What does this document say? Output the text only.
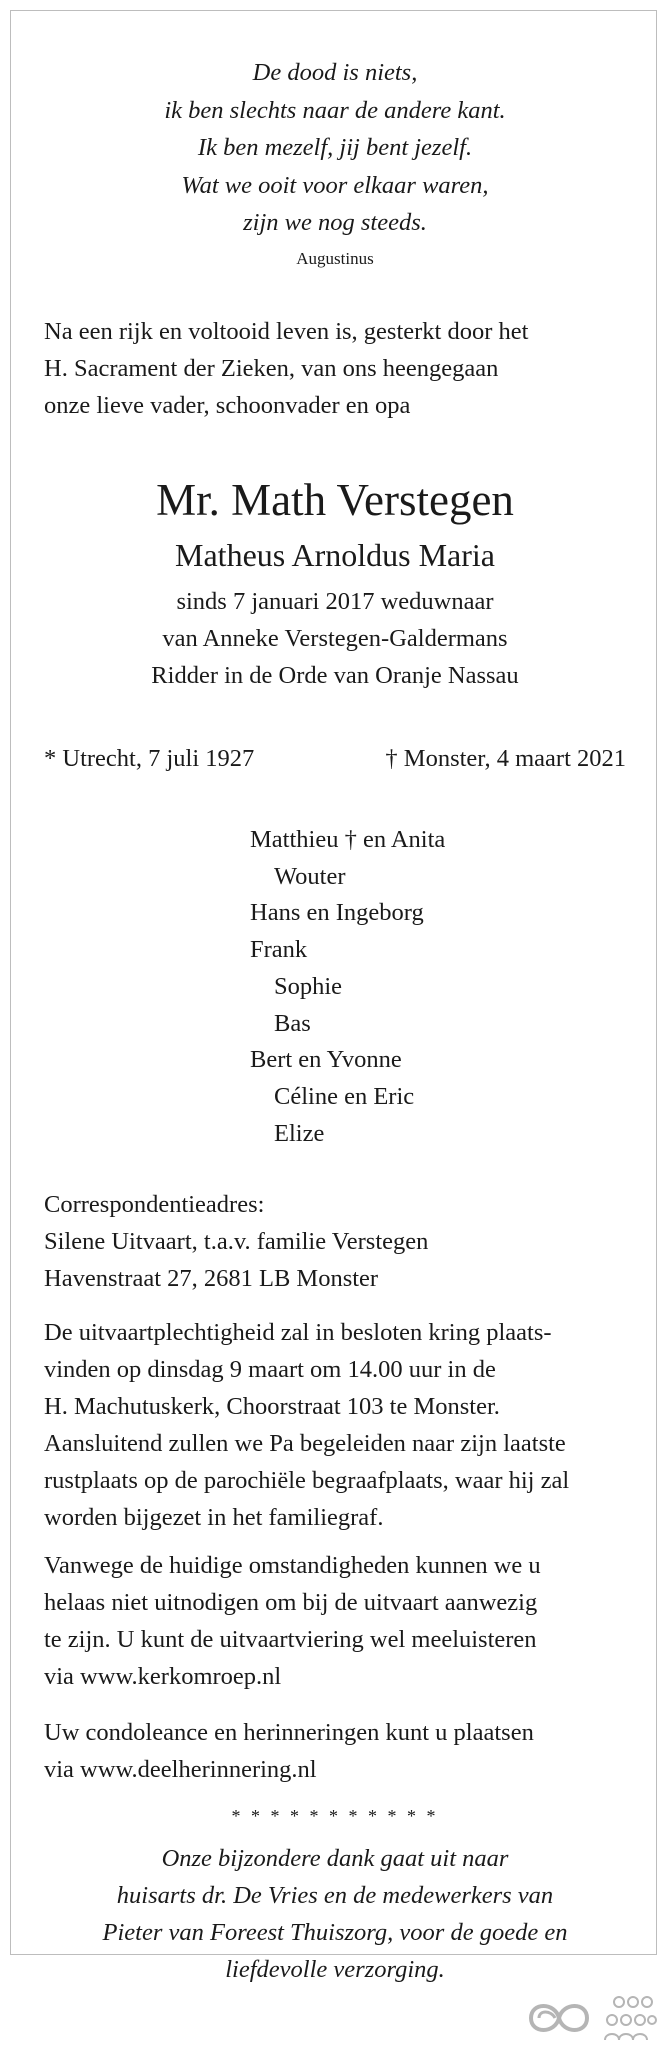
De dood is niets,
ik ben slechts naar de andere kant.
Ik ben mezelf, jij bent jezelf.
Wat we ooit voor elkaar waren,
zijn we nog steeds.
Augustinus
Na een rijk en voltooid leven is, gesterkt door het
H. Sacrament der Zieken, van ons heengegaan
onze lieve vader, schoonvader en opa
Mr. Math Verstegen
Matheus Arnoldus Maria
sinds 7 januari 2017 weduwnaar
van Anneke Verstegen-Galdermans
Ridder in de Orde van Oranje Nassau
* Utrecht, 7 juli 1927	† Monster, 4 maart 2021
Matthieu † en Anita
Wouter
Hans en Ingeborg
Frank
Sophie
Bas
Bert en Yvonne
Céline en Eric
Elize
Correspondentieadres:
Silene Uitvaart, t.a.v. familie Verstegen
Havenstraat 27, 2681 LB Monster
De uitvaartplechtigheid zal in besloten kring plaats-
vinden op dinsdag 9 maart om 14.00 uur in de
H. Machutuskerk, Choorstraat 103 te Monster.
Aansluitend zullen we Pa begeleiden naar zijn laatste
rustplaats op de parochiële begraafplaats, waar hij zal
worden bijgezet in het familiegraf.
Vanwege de huidige omstandigheden kunnen we u
helaas niet uitnodigen om bij de uitvaart aanwezig
te zijn. U kunt de uitvaartviering wel meeluisteren
via www.kerkomroep.nl
Uw condoleance en herinneringen kunt u plaatsen
via www.deelherinnering.nl
* * * * * * * * * * *
Onze bijzondere dank gaat uit naar
huisarts dr. De Vries en de medewerkers van
Pieter van Foreest Thuiszorg, voor de goede en
liefdevolle verzorging.
